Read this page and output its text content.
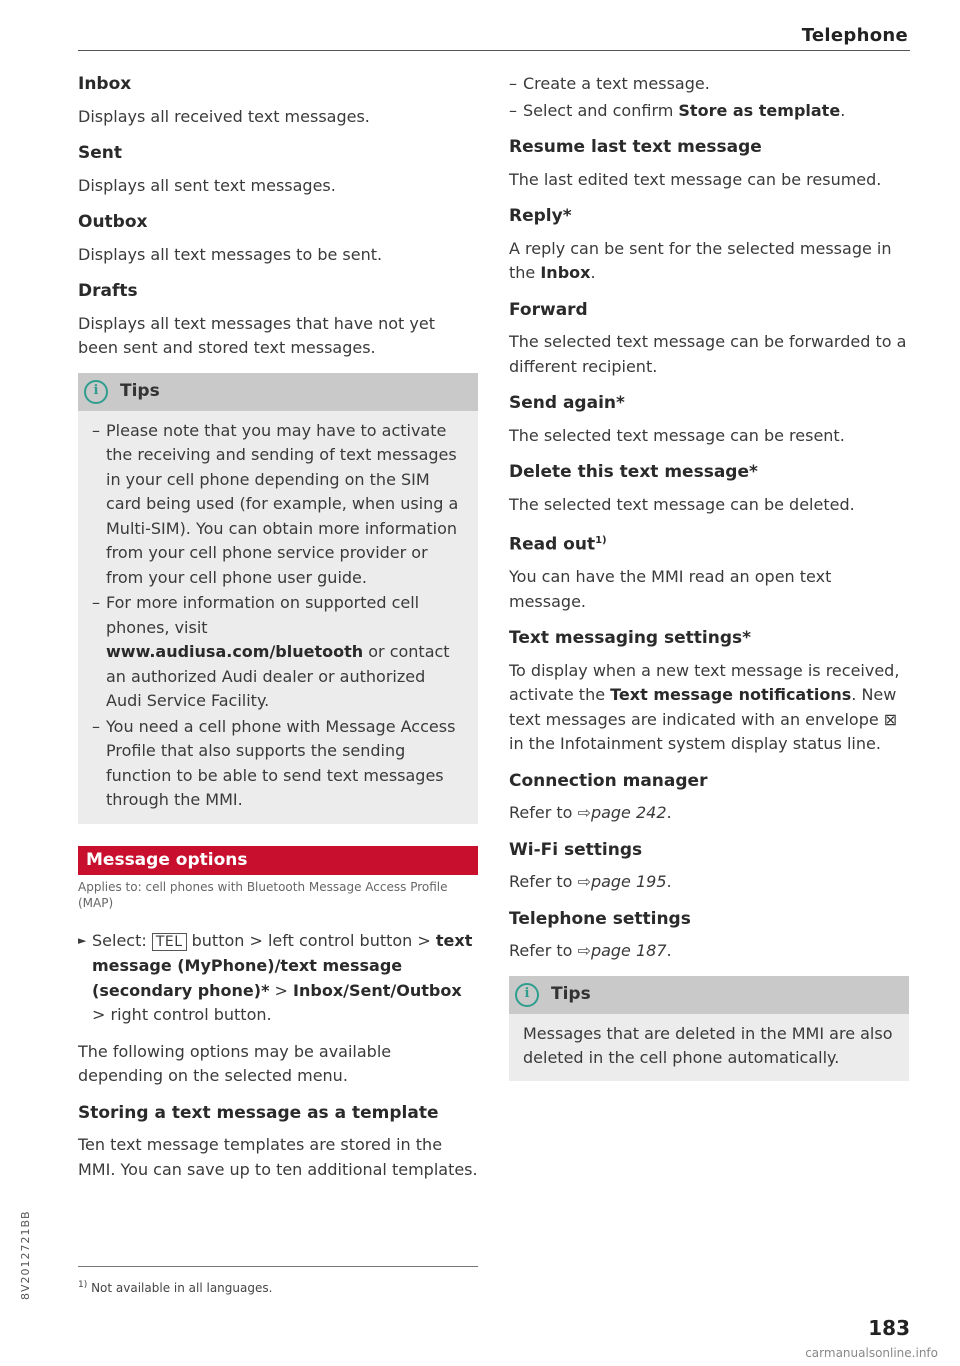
Telephone
Inbox
Displays all received text messages.
Sent
Displays all sent text messages.
Outbox
Displays all text messages to be sent.
Drafts
Displays all text messages that have not yet been sent and stored text messages.
i	Tips
– Please note that you may have to activate the receiving and sending of text messages in your cell phone depending on the SIM card being used (for example, when using a Multi-SIM). You can obtain more information from your cell phone service provider or from your cell phone user guide.
– For more information on supported cell phones, visit www.audiusa.com/bluetooth or contact an authorized Audi dealer or authorized Audi Service Facility.
– You need a cell phone with Message Access Profile that also supports the sending function to be able to send text messages through the MMI.
Message options
Applies to: cell phones with Bluetooth Message Access Profile (MAP)
► Select: TEL button > left control button > text message (MyPhone)/text message (secondary phone)* > Inbox/Sent/Outbox > right control button.
The following options may be available depending on the selected menu.
Storing a text message as a template
Ten text message templates are stored in the MMI. You can save up to ten additional templates.
– Create a text message.
– Select and confirm Store as template.
Resume last text message
The last edited text message can be resumed.
Reply*
A reply can be sent for the selected message in the Inbox.
Forward
The selected text message can be forwarded to a different recipient.
Send again*
The selected text message can be resent.
Delete this text message*
The selected text message can be deleted.
Read out$^{1)}$
You can have the MMI read an open text message.
Text messaging settings*
To display when a new text message is received, activate the Text message notifications. New text messages are indicated with an envelope ⊠ in the Infotainment system display status line.
Connection manager
Refer to ⇨page 242.
Wi-Fi settings
Refer to ⇨page 195.
Telephone settings
Refer to ⇨page 187.
i	Tips
Messages that are deleted in the MMI are also deleted in the cell phone automatically.
$^{1)}$ Not available in all languages.
8V2012721BB
183
carmanualsonline.info
